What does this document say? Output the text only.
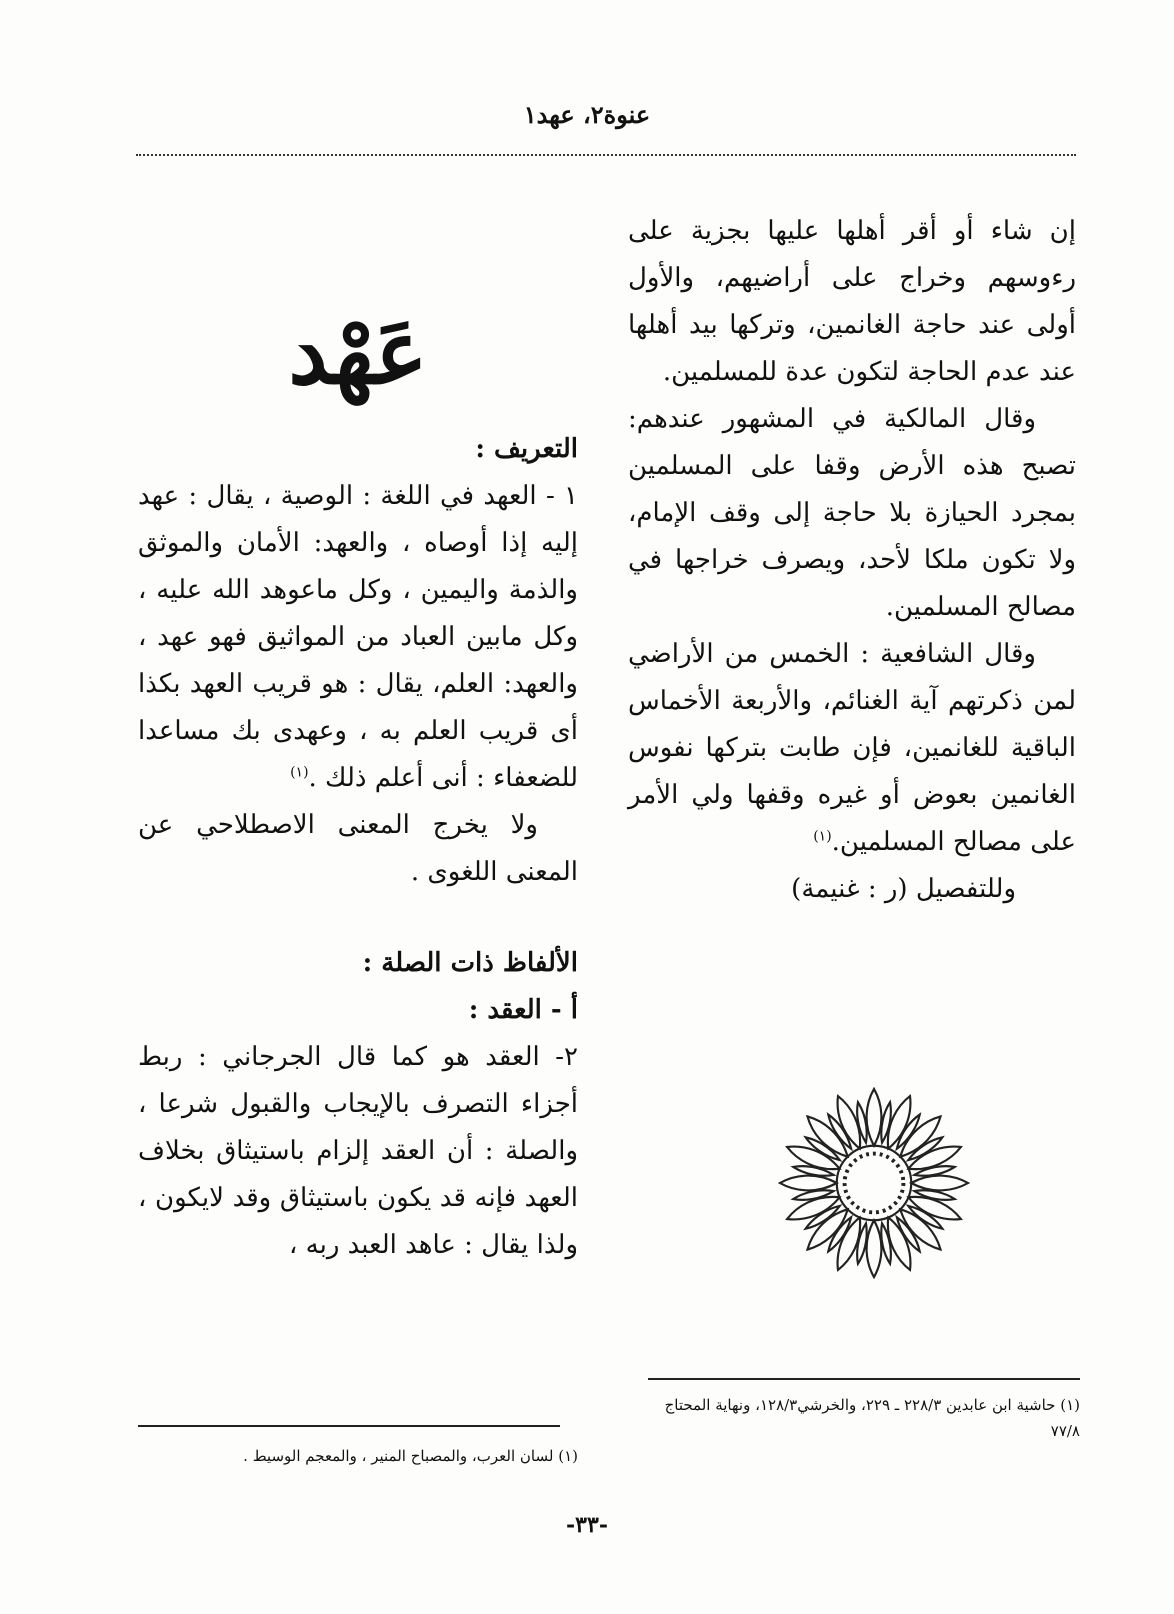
عنوة٢، عهد١

إن شاء أو أقر أهلها عليها بجزية على رءوسهم وخراج على أراضيهم، والأول أولى عند حاجة الغانمين، وتركها بيد أهلها عند عدم الحاجة لتكون عدة للمسلمين.

وقال المالكية في المشهور عندهم: تصبح هذه الأرض وقفا على المسلمين بمجرد الحيازة بلا حاجة إلى وقف الإمام، ولا تكون ملكا لأحد، ويصرف خراجها في مصالح المسلمين.

وقال الشافعية : الخمس من الأراضي لمن ذكرتهم آية الغنائم، والأربعة الأخماس الباقية للغانمين، فإن طابت بتركها نفوس الغانمين بعوض أو غيره وقفها ولي الأمر على مصالح المسلمين.$^{(١)}$

وللتفصيل (ر : غنيمة)

عَهْد

التعريف :

١ - العهد في اللغة : الوصية ، يقال : عهد إليه إذا أوصاه ، والعهد: الأمان والموثق والذمة واليمين ، وكل ماعوهد الله عليه ، وكل مابين العباد من المواثيق فهو عهد ، والعهد: العلم، يقال : هو قريب العهد بكذا أى قريب العلم به ، وعهدى بك مساعدا للضعفاء : أنى أعلم ذلك .$^{(١)}$

ولا يخرج المعنى الاصطلاحي عن المعنى اللغوى .

الألفاظ ذات الصلة :

أ - العقد :

٢- العقد هو كما قال الجرجاني : ربط أجزاء التصرف بالإيجاب والقبول شرعا ، والصلة : أن العقد إلزام باستيثاق بخلاف العهد فإنه قد يكون باستيثاق وقد لايكون ، ولذا يقال : عاهد العبد ربه ،

(١) حاشية ابن عابدين ٢٢٨/٣ ـ ٢٢٩، والخرشي١٢٨/٣، ونهاية المحتاج ٧٧/٨
(١) لسان العرب، والمصباح المنير ، والمعجم الوسيط .
-٣٣-
